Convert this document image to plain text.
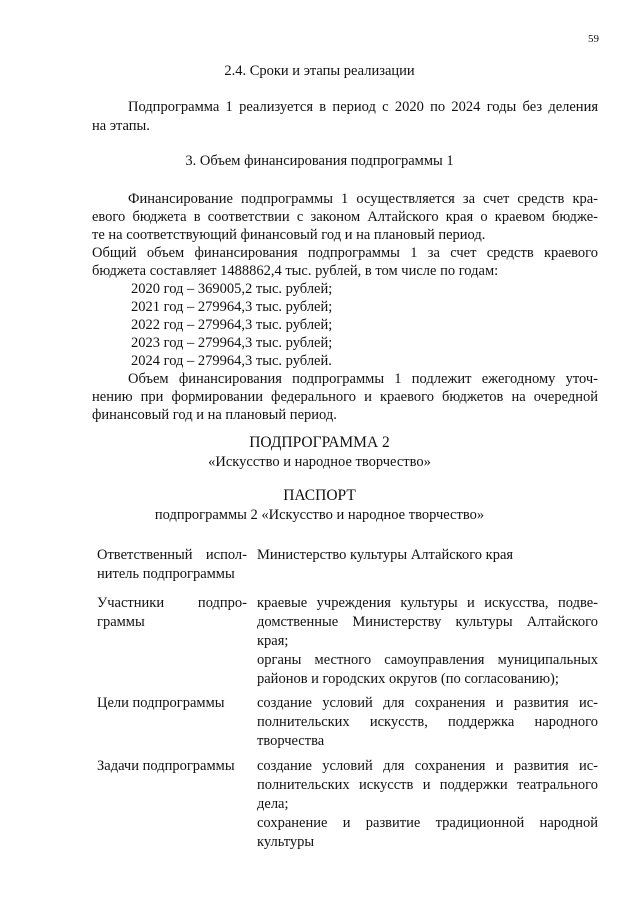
59
2.4. Сроки и этапы реализации
Подпрограмма 1 реализуется в период с 2020 по 2024 годы без деления
на этапы.
3. Объем финансирования подпрограммы 1
Финансирование подпрограммы 1 осуществляется за счет средств кра-
евого бюджета в соответствии с законом Алтайского края о краевом бюдже-
те на соответствующий финансовый год и на плановый период.
Общий объем финансирования подпрограммы 1 за счет средств краевого
бюджета составляет 1488862,4 тыс. рублей, в том числе по годам:
2020 год – 369005,2 тыс. рублей;
2021 год – 279964,3 тыс. рублей;
2022 год – 279964,3 тыс. рублей;
2023 год – 279964,3 тыс. рублей;
2024 год – 279964,3 тыс. рублей.
Объем финансирования подпрограммы 1 подлежит ежегодному уточ-
нению при формировании федерального и краевого бюджетов на очередной
финансовый год и на плановый период.
ПОДПРОГРАММА 2
«Искусство и народное творчество»
ПАСПОРТ
подпрограммы 2 «Искусство и народное творчество»
Ответственный испол-
нитель подпрограммы
Министерство культуры Алтайского края
Участники подпро-
граммы
краевые учреждения культуры и искусства, подве-
домственные Министерству культуры Алтайского
края;
органы местного самоуправления муниципальных
районов и городских округов (по согласованию);
Цели подпрограммы	создание условий для сохранения и развития ис-
полнительских искусств, поддержка народного
творчества
Задачи подпрограммы	создание условий для сохранения и развития ис-
полнительских искусств и поддержки театрального
дела;
сохранение и развитие традиционной народной
культуры
